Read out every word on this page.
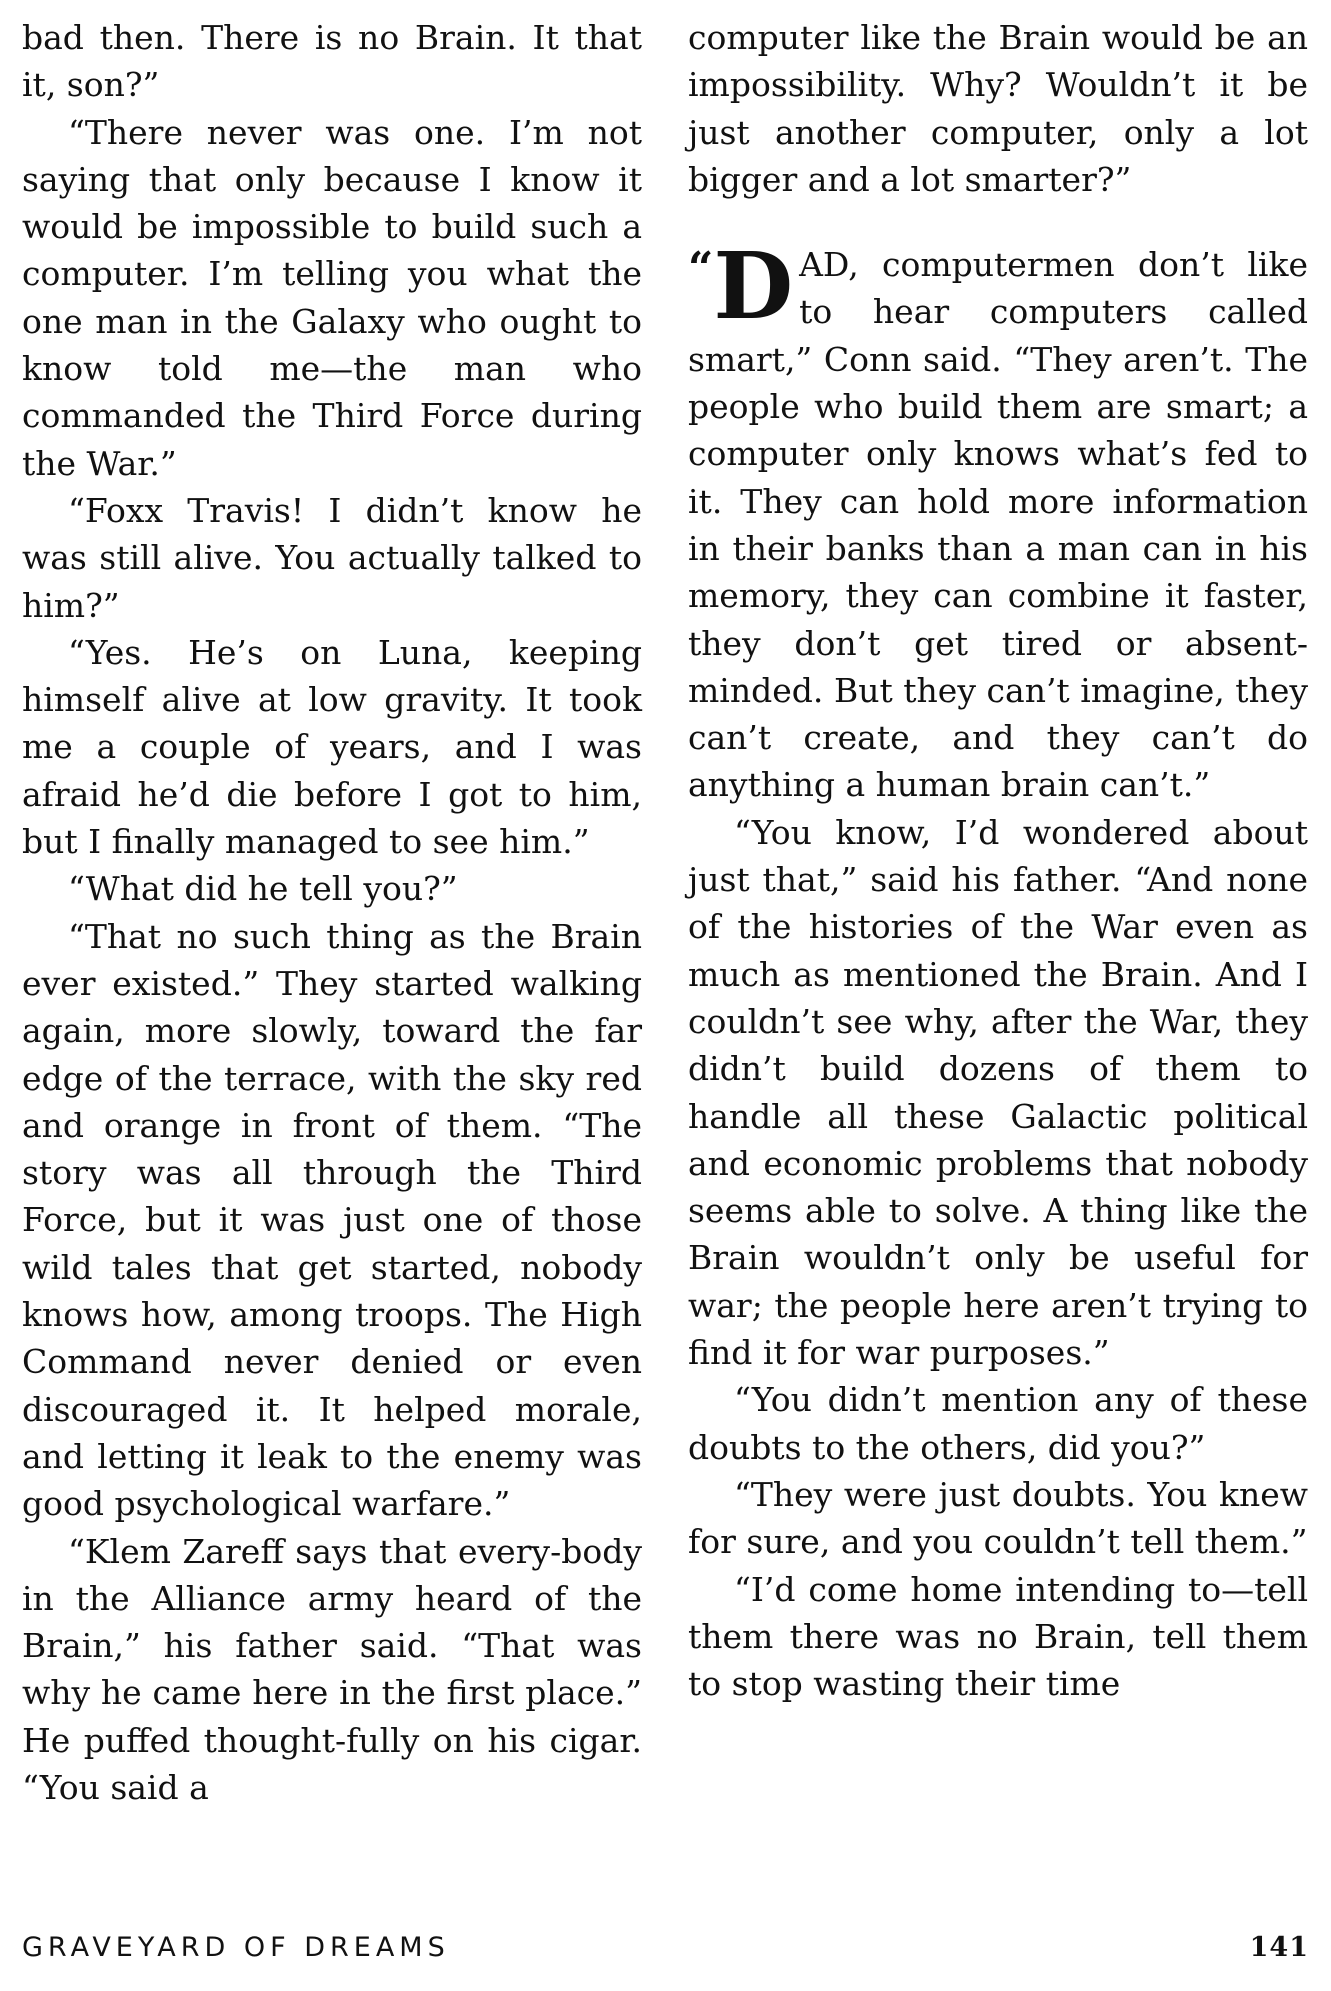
bad then. There is no Brain. It that it, son?”

“There never was one. I’m not saying that only because I know it would be impossible to build such a computer. I’m telling you what the one man in the Galaxy who ought to know told me—the man who commanded the Third Force during the War.”

“Foxx Travis! I didn’t know he was still alive. You actually talked to him?”

“Yes. He’s on Luna, keeping himself alive at low gravity. It took me a couple of years, and I was afraid he’d die before I got to him, but I finally managed to see him.”

“What did he tell you?”

“That no such thing as the Brain ever existed.” They started walking again, more slowly, toward the far edge of the terrace, with the sky red and orange in front of them. “The story was all through the Third Force, but it was just one of those wild tales that get started, nobody knows how, among troops. The High Command never denied or even discouraged it. It helped morale, and letting it leak to the enemy was good psychological warfare.”

“Klem Zareff says that every-body in the Alliance army heard of the Brain,” his father said. “That was why he came here in the first place.” He puffed thought-fully on his cigar. “You said a

computer like the Brain would be an impossibility. Why? Wouldn’t it be just another computer, only a lot bigger and a lot smarter?”

“D AD, computermen don’t like to hear computers called smart,” Conn said. “They aren’t. The people who build them are smart; a computer only knows what’s fed to it. They can hold more information in their banks than a man can in his memory, they can combine it faster, they don’t get tired or absent-minded. But they can’t imagine, they can’t create, and they can’t do anything a human brain can’t.”

“You know, I’d wondered about just that,” said his father. “And none of the histories of the War even as much as mentioned the Brain. And I couldn’t see why, after the War, they didn’t build dozens of them to handle all these Galactic political and economic problems that nobody seems able to solve. A thing like the Brain wouldn’t only be useful for war; the people here aren’t trying to find it for war purposes.”

“You didn’t mention any of these doubts to the others, did you?”

“They were just doubts. You knew for sure, and you couldn’t tell them.”

“I’d come home intending to—tell them there was no Brain, tell them to stop wasting their time

GRAVEYARD OF DREAMS	141
